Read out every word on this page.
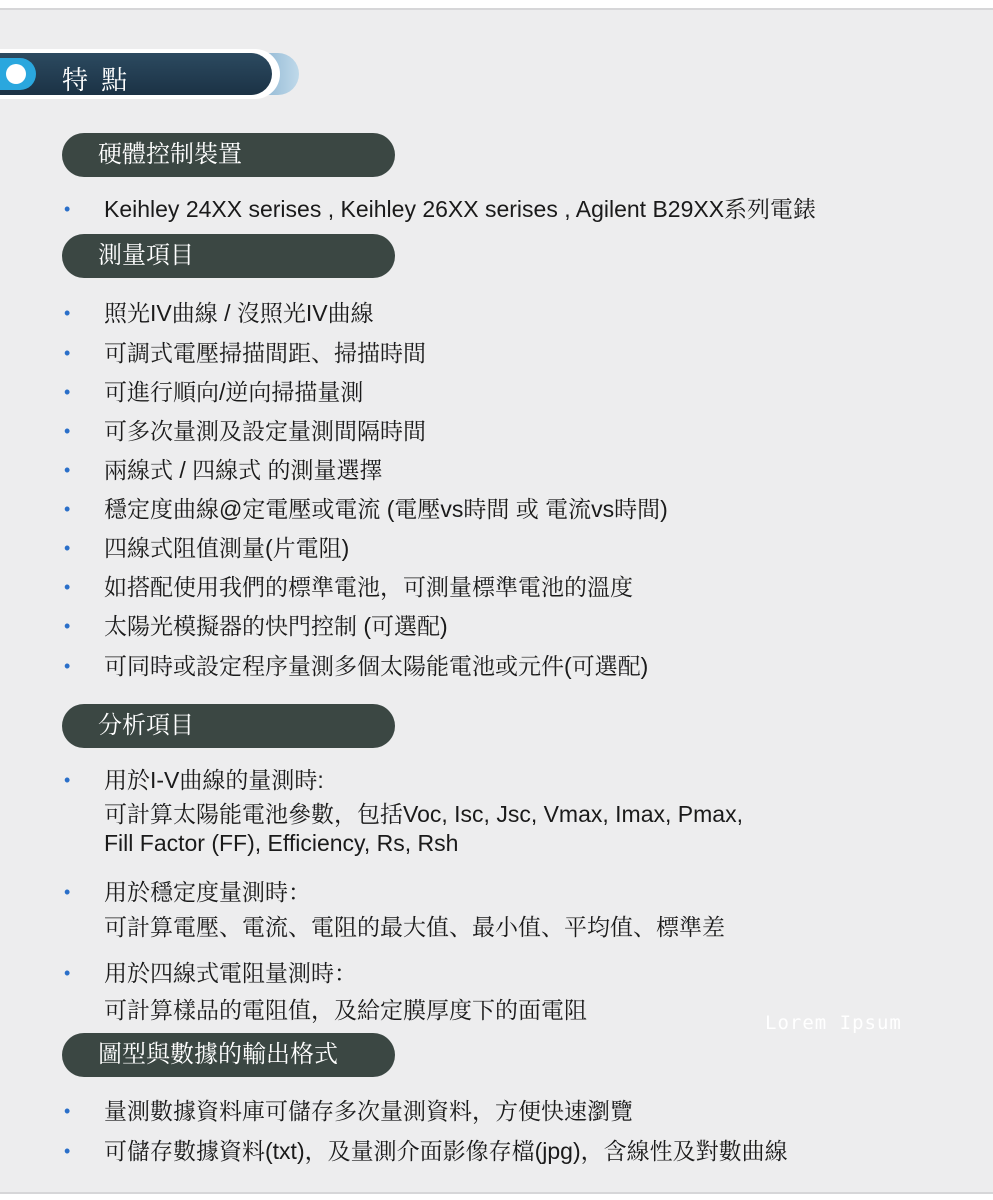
特 點
硬體控制裝置
• Keihley 24XX serises , Keihley 26XX serises , Agilent B29XX系列電錶
測量項目
• 照光IV曲線 / 沒照光IV曲線
• 可調式電壓掃描間距、掃描時間
• 可進行順向/逆向掃描量測
• 可多次量測及設定量測間隔時間
• 兩線式 / 四線式 的測量選擇
• 穩定度曲線@定電壓或電流 (電壓vs時間 或 電流vs時間)
• 四線式阻值測量(片電阻)
• 如搭配使用我們的標準電池，可測量標準電池的溫度
• 太陽光模擬器的快門控制 (可選配)
• 可同時或設定程序量測多個太陽能電池或元件(可選配)
分析項目
• 用於I-V曲線的量測時:
可計算太陽能電池參數，包括Voc, Isc, Jsc, Vmax, Imax, Pmax,
Fill Factor (FF), Efficiency, Rs, Rsh
• 用於穩定度量測時：
可計算電壓、電流、電阻的最大值、最小值、平均值、標準差
• 用於四線式電阻量測時：
可計算樣品的電阻值，及給定膜厚度下的面電阻	Lorem Ipsum
圖型與數據的輸出格式
• 量測數據資料庫可儲存多次量測資料，方便快速瀏覽
• 可儲存數據資料(txt)，及量測介面影像存檔(jpg)，含線性及對數曲線
